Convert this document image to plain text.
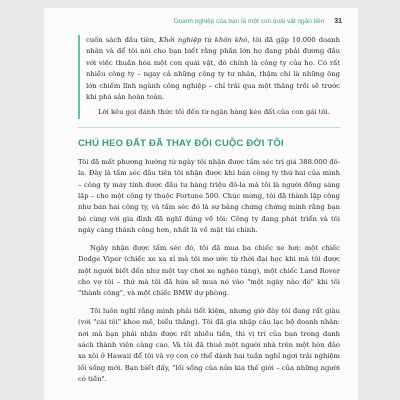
Doanh nghiệp của bạn là một con quái vật ngân tiền 31

cuốn sách đầu tiên, Khởi nghiệp từ khôn khó, tôi đã gặp 10.000 doanh nhân và để tôi nói cho bạn biết rằng phần lớn họ đang phải đương đầu với việc thuần hóa một con quái vật, đó chính là công ty của họ. Có rất nhiều công ty – ngay cả những công ty tư nhân, thậm chí là những ông lớn chiếm lĩnh ngành công nghiệp – chỉ trải qua một thăng trồi sẽ trước khi phá sản hoàn toàn.

Lời kêu gọi đánh thức tôi đến từ ngân hàng kéo đất của con gái tôi.

CHÚ HEO ĐẤT ĐÃ THAY ĐỔI CUỘC ĐỜI TÔI

Tôi đã mất phương hướng từ ngày tôi nhận được tấm séc trị giá 388.000 đô-la. Đây là tấm séc đầu tiên tôi nhận được khi bán công ty thứ hai của mình – công ty máy tính được đầu tư hàng triệu đô-la mà tôi là người đồng sáng lập – cho một công ty thuộc Fortune 500. Chúc mừng, tôi đã thành lập công như bán hai công ty, và tấm séc đó là sự bảng chứng chứng minh rằng bạn bè cùng với gia đình đã nghĩ đúng về tôi: Công ty đang phát triển và tôi ngày càng thành công hơn, nhất là về mặt tài chính.

Ngày nhận được tấm séc đó, tôi đã mua ba chiếc xe hơi: một chiếc Dodge Viper (chiếc xe xa xỉ mà tôi mơ ước từ thời đại học khi mà tôi được một người biết đến như một tay chơi xe nghèo túng), một chiếc Land Rover cho vợ tôi – thứ mà tôi đã hứa sẽ mua nó vào "một ngày nào đó" khi tôi "thành công", và một chiếc BMW dự phòng.

Tôi luôn nghĩ rằng mình phải tiết kiệm, nhưng giờ đây tôi đang rất giàu (với "cái tôi" khoe mẽ, biểu thắng). Tôi đã gia nhập câu lạc bộ doanh nhân: nơi mà bạn phải nhận được rất nhiều tiền, thì vị trí của bạn trong danh sách thành viên càng cao. Và tôi đã thuê một người nhà trên một hòn đảo xa xôi ở Hawaii để tôi và vợ con có thể dành hai tuần nghỉ ngơi trải nghiệm lối sống mới. Bạn biết đấy, "lối sống của nửa kia thế giới – của những người có tiền".
